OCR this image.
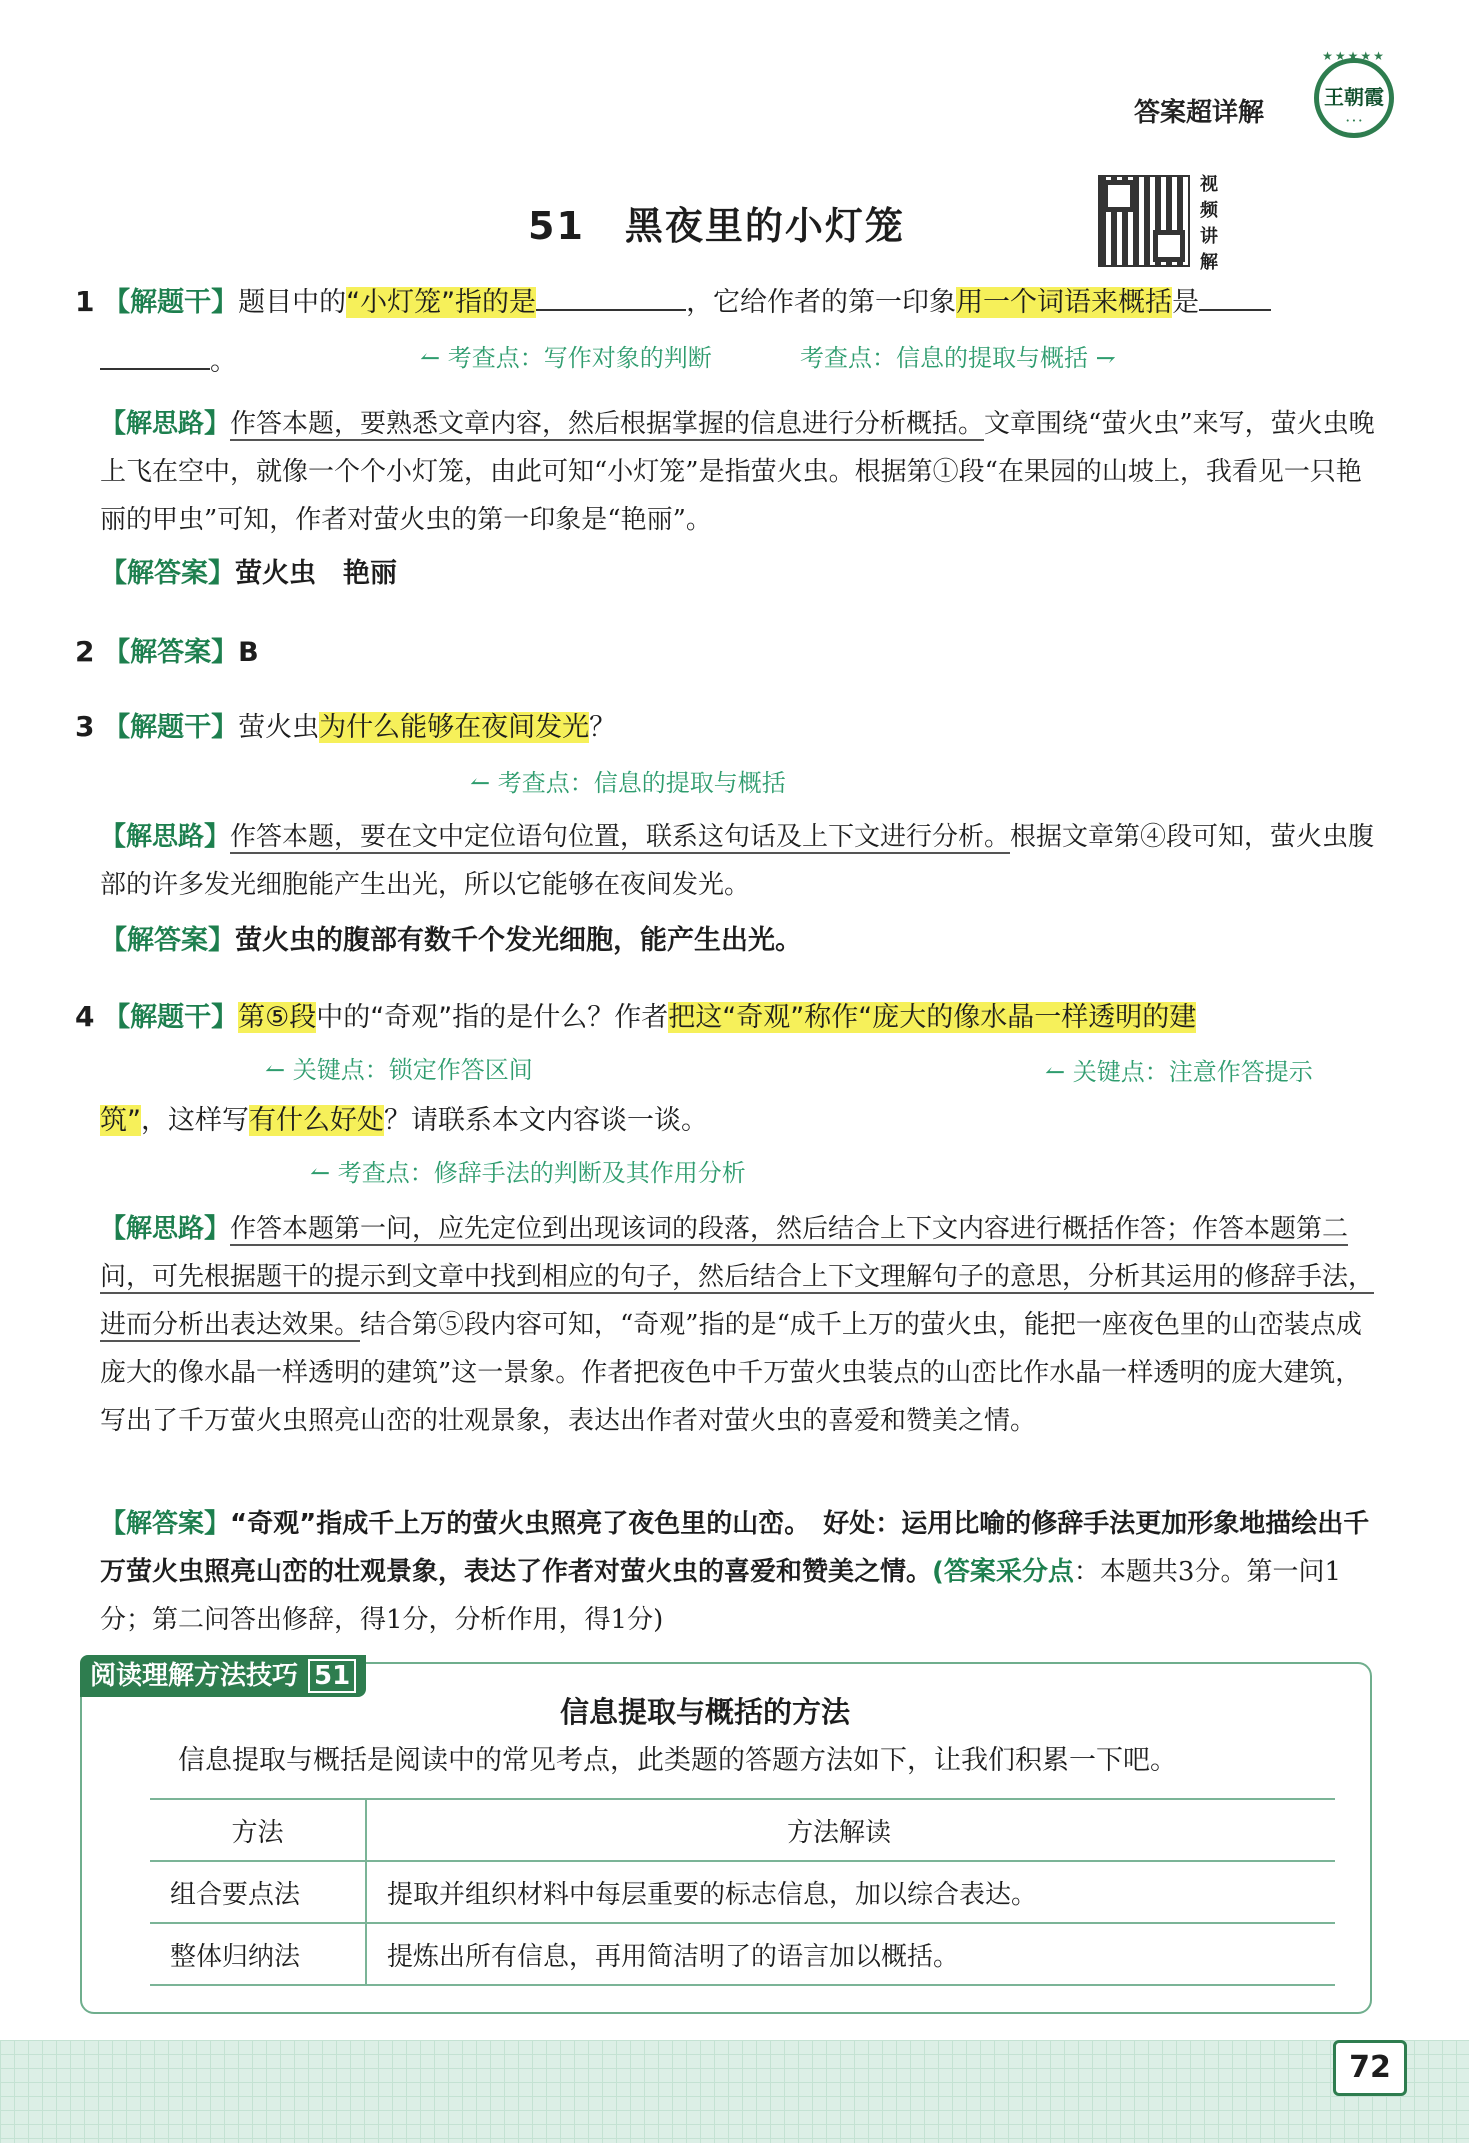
答案超详解
★★★★★
王朝霞
• • •
视频讲解
51 黑夜里的小灯笼
1 【解题干】题目中的“小灯笼”指的是	，它给作者的第一印象用一个词语来概括是
。	↼ 考查点：写作对象的判断	考查点：信息的提取与概括 ⇁
【解思路】作答本题，要熟悉文章内容，然后根据掌握的信息进行分析概括。文章围绕“萤火虫”来写，萤火虫晚上飞在空中，就像一个个小灯笼，由此可知“小灯笼”是指萤火虫。根据第①段“在果园的山坡上，我看见一只艳丽的甲虫”可知，作者对萤火虫的第一印象是“艳丽”。
【解答案】萤火虫　艳丽
2 【解答案】B
3 【解题干】萤火虫为什么能够在夜间发光？
↼ 考查点：信息的提取与概括
【解思路】作答本题，要在文中定位语句位置，联系这句话及上下文进行分析。根据文章第④段可知，萤火虫腹部的许多发光细胞能产生出光，所以它能够在夜间发光。
【解答案】萤火虫的腹部有数千个发光细胞，能产生出光。
4 【解题干】第⑤段中的“奇观”指的是什么？作者把这“奇观”称作“庞大的像水晶一样透明的建
↼ 关键点：锁定作答区间	↼ 关键点：注意作答提示
筑”，这样写有什么好处？请联系本文内容谈一谈。
↼ 考查点：修辞手法的判断及其作用分析
【解思路】作答本题第一问，应先定位到出现该词的段落，然后结合上下文内容进行概括作答；作答本题第二问，可先根据题干的提示到文章中找到相应的句子，然后结合上下文理解句子的意思，分析其运用的修辞手法，进而分析出表达效果。结合第⑤段内容可知，“奇观”指的是“成千上万的萤火虫，能把一座夜色里的山峦装点成庞大的像水晶一样透明的建筑”这一景象。作者把夜色中千万萤火虫装点的山峦比作水晶一样透明的庞大建筑，写出了千万萤火虫照亮山峦的壮观景象，表达出作者对萤火虫的喜爱和赞美之情。
【解答案】“奇观”指成千上万的萤火虫照亮了夜色里的山峦。　好处：运用比喻的修辞手法更加形象地描绘出千万萤火虫照亮山峦的壮观景象，表达了作者对萤火虫的喜爱和赞美之情。(答案采分点：本题共3分。第一问1分；第二问答出修辞，得1分，分析作用，得1分)
阅读理解方法技巧 51
信息提取与概括的方法
信息提取与概括是阅读中的常见考点，此类题的答题方法如下，让我们积累一下吧。
方法	方法解读
组合要点法	提取并组织材料中每层重要的标志信息，加以综合表达。
整体归纳法	提炼出所有信息，再用简洁明了的语言加以概括。
72
